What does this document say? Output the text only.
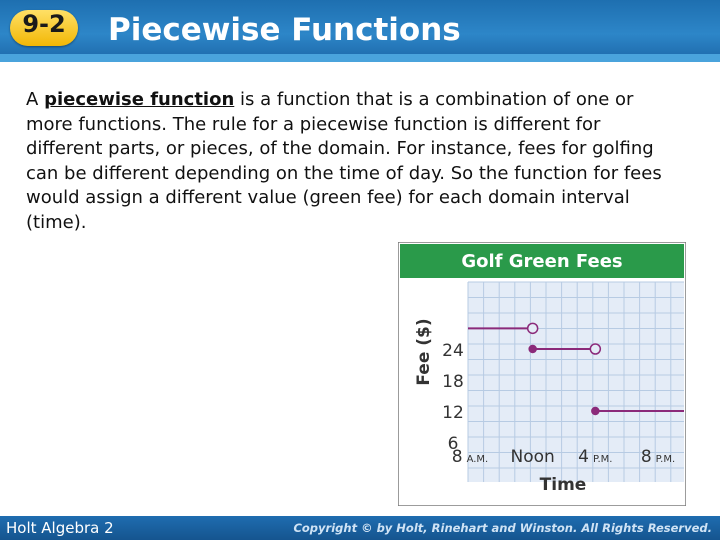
9-2	Piecewise Functions
A piecewise function is a function that is a combination of one or more functions. The rule for a piecewise function is different for different parts, or pieces, of the domain. For instance, fees for golfing can be different depending on the time of day. So the function for fees would assign a different value (green fee) for each domain interval (time).
Golf Green Fees
6
12
18
24
8 A.M. Noon 4 P.M. 8 P.M.
Fee ($)
Time
Holt Algebra 2	Copyright © by Holt, Rinehart and Winston. All Rights Reserved.
